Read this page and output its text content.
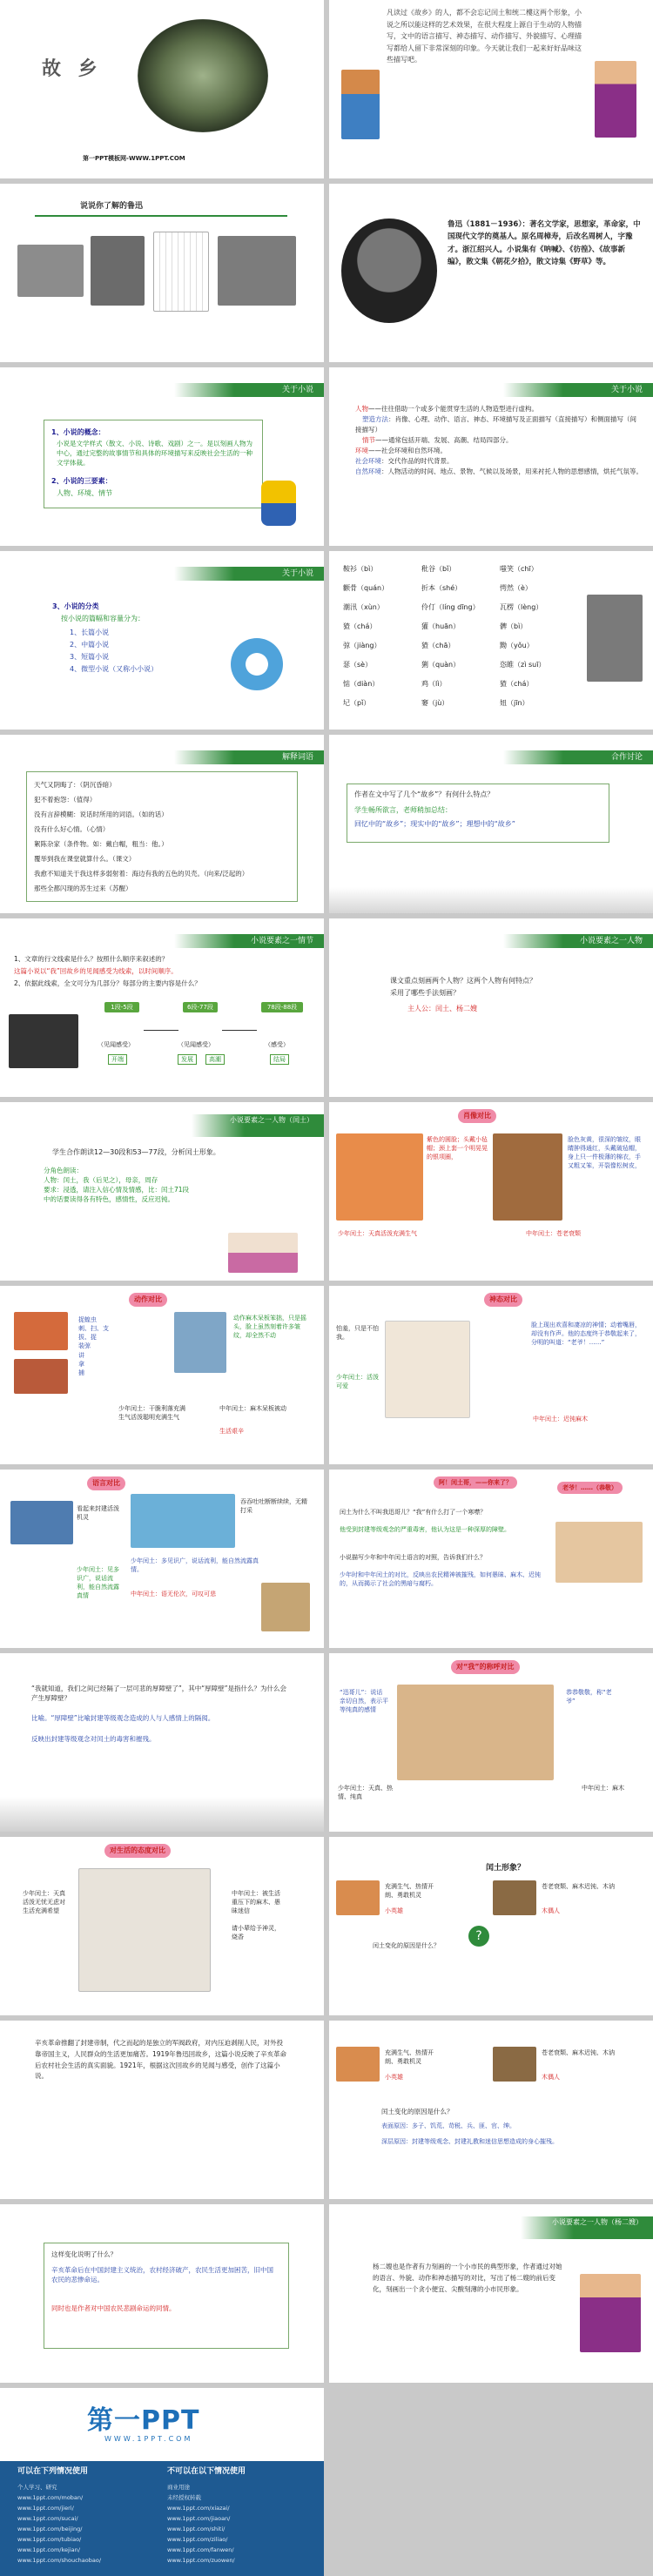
故 乡
第一PPT模板网-WWW.1PPT.COM
凡读过《故乡》的人，都不会忘记闰土和统二樓这两个形象，小说之所以能这样的艺术效果，在很大程度上源自于生动的人物描写，文中的语言描写、神态描写、动作描写、外貌描写、心理描写都给人留下非常深刻的印象。今天就让我们一起来好好品味这些描写吧。
说说你了解的鲁迅
鲁迅（1881－1936）：著名文学家，思想家，革命家，中国现代文学的奠基人。原名周樟寿，后改名周树人，字豫才。浙江绍兴人。小说集有《呐喊》、《彷徨》、《故事新编》，散文集《朝花夕拾》，散文诗集《野草》等。
关于小说
1、小说的概念：
小说是文学样式（散文、小说、诗歌、戏剧）之一。是以刻画人物为中心，通过完整的故事情节和具体的环境描写来反映社会生活的一种文学体裁。
2、小说的三要素：
人物、环境、情节
关于小说
人物——往往借助一个或多个能贯穿生活的人物造型进行虚构。
塑造方法：肖像、心理、动作、语言、神态、环境描写及正面描写（直接描写）和侧面描写（间接描写）
情节——通常包括开端、发展、高潮、结局四部分。
环境——社会环境和自然环境。
社会环境：交代作品的时代背景。
自然环境：人物活动的时间、地点、景物、气候以及场景，用来衬托人物的思想感情，烘托气氛等。
关于小说
3、小说的分类
按小说的篇幅和容量分为：
1、长篇小说
2、中篇小说
3、短篇小说
4、微型小说（又称小小说）
鞍衫（bì）	秕谷（bǐ）	嗤笑（chī）
颧骨（quán）	折本（shé）	愕然（è）
潮汛（xùn）	伶仃（líng dīng）	瓦楞（lèng）
猹（chá）	獾（huān）	髀（bì）
弶（jiàng）	猹（chā）	黝（yǒu）
瑟（sè）	猁（quàn）	恣睢（zì suī）
惦（diàn）	鸡（lì）	猹（chá）
圮（pǐ）	窭（jù）	妞（jīn）
解释词语
天气又阴晦了：（阴沉昏暗）
犯不着抱怨：（值得）
没有言辞模糊：说话时所用的词语。（如的话）
没有什么好心情。（心情）
絮陈杂家（条件物。如：戴白帽，粗当：他。）
覆举到我在课堂就算什么。（课文）
我愈不知道关于我这样多弱射着：海边有我的五色的贝壳。（向来/泛起的）
那些全都闪现的苏生过来（苏醒）
合作讨论
作者在文中写了几个“故乡”？有何什么特点？
学生畅所欲言，老师稍加总结：
回忆中的“故乡”；现实中的“故乡”；理想中的“故乡”
小说要素之一情节
1、文章的行文线索是什么？按照什么顺序来叙述的？
这篇小说以“我”回故乡的见闻感受为线索，以时间顺序。
2、依据此线索，全文可分为几部分？每部分的主要内容是什么？
1段-5段	6段-77段	78段-88段
（见闻感受）	（见闻感受）	（感受）
开端	发展	高潮	结局
小说要素之一人物
课文重点刻画两个人物？这两个人物有何特点？
采用了哪些手法刻画？
主人公：闰土、杨二嫂
小说要素之一人物（闰土）
学生合作朗读12—30段和53—77段，分析闰土形象。
分角色朗读：
人物：闰土，我（后见之），母亲，周存
要求：浸透，请注入信心情及情感，比：闰土71段
中的话要读得各有特色，感情性，反应迟钝。
肖像对比
紫色的圆脸；头戴小毡帽；颈上套一个明晃晃的银项圈，
脸色灰黄，很深的皱纹，眼睛肿得通红，头戴破毡帽，身上只一件极薄的棉衣，手又粗又笨，开裂像松树皮，
少年闰土：天真活泼充满生气	中年闰土：苍老衰颓
动作对比
捉蝗虫
刺、扫、支
拔、捉
装弶
讲
拿
捕
动作麻木呆板笨拙，只是摇头，脸上虽然刻着许多皱纹，却全然不动
少年闰土：干脆利落充满生气活泼聪明充满生气
中年闰土：麻木呆板被动
生活艰辛
神态对比
怕羞，只是不怕我。
少年闰土：活泼可爱
脸上现出欢喜和凄凉的神情；动着嘴唇，却没有作声。他的态度终于恭敬起来了，分明的叫道：“老爷！……”
中年闰土：迟钝麻木
语言对比
看起来封建活泼机灵
吞吞吐吐断断续续，无精打采
少年闰土：见多识广，说话流利，能自然流露真情
少年闰土：多见识广，说话流利，能自然流露真情。
中年闰土：语无伦次，可叹可悲
阿！闰土哥，——你来了？
老爷！……（恭敬）
闰土为什么不叫我迅哥儿？“我”有什么打了一个寒噤？
他受到封建等级观念的严重毒害，他认为这是一种深厚的障壁。
小说描写少年和中年闰土语言的对照，告诉我们什么？
少年时和中年闰土的对比，反映出农民精神被摧残，如何愚昧、麻木、迟钝的，从而揭示了社会的黑暗与腐朽。
“我就知道，我们之间已经隔了一层可悲的厚障壁了”，其中“厚障壁”是指什么？为什么会产生厚障壁？
比喻。“厚障壁”比喻封建等级观念造成的人与人感情上的隔阂。
反映出封建等级观念对闰土的毒害和摧残。
对“我”的称呼对比
“迅哥儿”：说话亲切自然，表示平等纯真的感情
恭恭敬敬，称“老爷”
少年闰土：天真、热情、纯真
中年闰土：麻木
对生活的态度对比
少年闰土：天真活泼无忧无虑对生活充满希望
中年闰土：被生活重压下的麻木、愚昧迷信
请小辈给予神灵，烧香
闰土形象？
充满生气、热情开朗、勇敢机灵
小英雄
苍老衰颓、麻木迟钝、木讷
木偶人
闰土变化的原因是什么？
?
辛亥革命推翻了封建帝制，代之而起的是独立的军阀政府，对内压迫剥削人民，对外投靠帝国主义，人民群众的生活更加痛苦。1919年鲁迅回故乡，这篇小说反映了辛亥革命后农村社会生活的真实面貌。1921年，根据这次回故乡的见闻与感受，创作了这篇小说。
充满生气、热情开朗、勇敢机灵
小英雄
苍老衰颓、麻木迟钝、木讷
木偶人
闰土变化的原因是什么？
表面原因：多子、饥荒、苛税、兵、匪、官、绅。
深层原因：封建等级观念、封建礼教和迷信思想造成的身心摧残。
这样变化说明了什么？
辛亥革命后在中国封建主义统治，农村经济破产，农民生活更加困苦，旧中国农民的悲惨命运。
同时也是作者对中国农民悲剧命运的同情。
小说要素之一人物（杨二嫂）
杨二嫂也是作者有力刻画的一个小市民的典型形象，作者通过对她的语言、外貌、动作和神态描写的对比，写出了杨二嫂的前后变化，刻画出一个贪小便宜、尖酸刻薄的小市民形象。
第一PPT
WWW.1PPT.COM
可以在下列情况使用	不可以在以下情况使用
个人学习、研究
www.1ppt.com/moban/
www.1ppt.com/jieri/
www.1ppt.com/sucai/
www.1ppt.com/beijing/
www.1ppt.com/tubiao/
www.1ppt.com/kejian/
www.1ppt.com/shouchaobao/
商业用途
未经授权转载
www.1ppt.com/xiazai/
www.1ppt.com/jiaoan/
www.1ppt.com/shiti/
www.1ppt.com/ziliao/
www.1ppt.com/fanwen/
www.1ppt.com/zuowen/
